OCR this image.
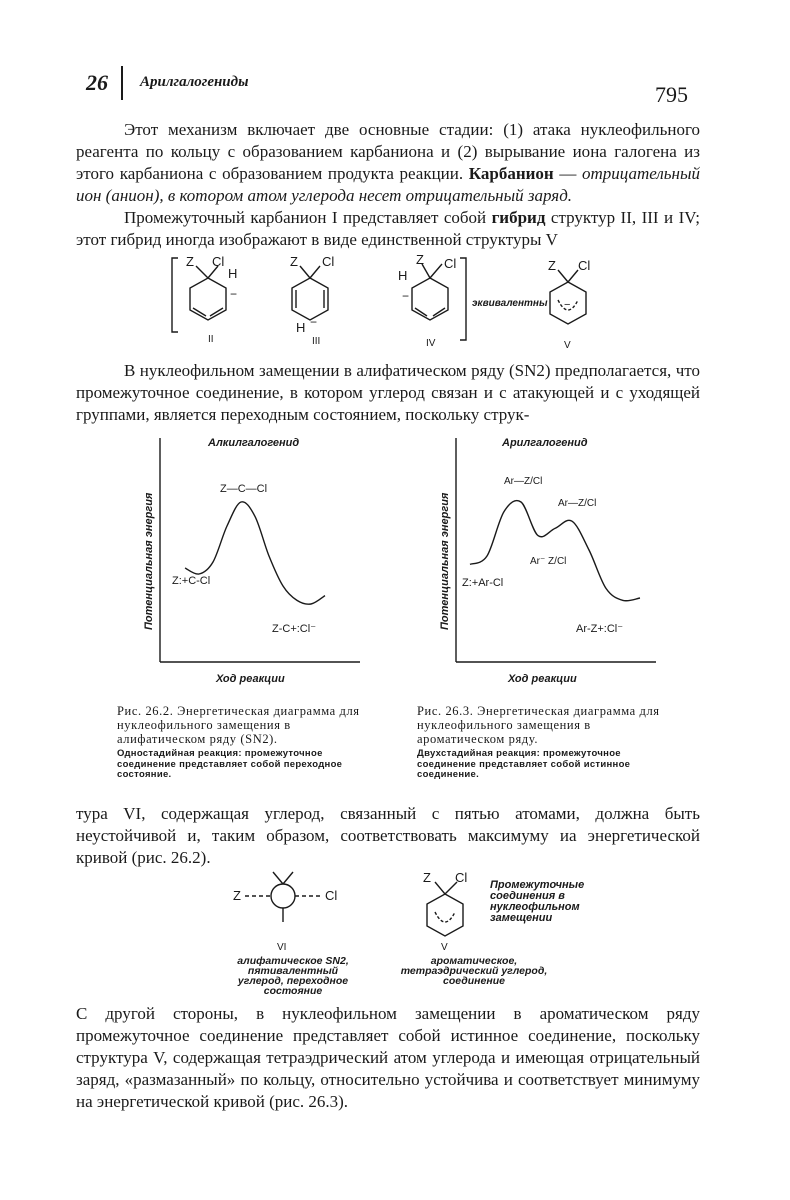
26 Арилгалогениды	795

Этот механизм включает две основные стадии: (1) атака нуклеофильного реагента по кольцу с образованием карбаниона и (2) вырывание иона галогена из этого карбаниона с образованием продукта реакции. Карбанион — отрицательный ион (анион), в котором атом углерода несет отрицательный заряд.

Промежуточный карбанион I представляет собой гибрид структур II, III и IV; этот гибрид иногда изображают в виде единственной структуры V

Z Cl
H
−
II
Z Cl
H −
III
H
Z Cl
−
IV
эквивалентны
Z Cl
−
V

В нуклеофильном замещении в алифатическом ряду (SN2) предполагается, что промежуточное соединение, в котором углерод связан и с атакующей и с уходящей группами, является переходным состоянием, поскольку струк-

Алкилгалогенид
Ход реакции
Потенциальная энергия
Z—C—Cl
Z:+C-Cl
Z-C+:Cl⁻
Арилгалогенид
Ход реакции
Потенциальная энергия
Ar—Z/Cl
Ar—Z/Cl
Ar⁻ Z/Cl
Z:+Ar-Cl
Ar-Z+:Cl⁻
Рис. 26.2. Энергетическая диаграмма для нуклеофильного замещения в алифатическом ряду (SN2).
Одностадийная реакция: промежуточное соединение представляет собой переходное состояние.
Рис. 26.3. Энергетическая диаграмма для нуклеофильного замещения в ароматическом ряду.
Двухстадийная реакция: промежуточное соединение представляет собой истинное соединение.

тура VI, содержащая углерод, связанный с пятью атомами, должна быть неустойчивой и, таким образом, соответствовать максимуму иа энергетической кривой (рис. 26.2).

Z	Cl
VI
Z Cl
V
Промежуточные соединения в нуклеофильном замещении
алифатическое SN2, пятивалентный углерод, переходное состояние
ароматическое, тетраэдрический углерод, соединение

С другой стороны, в нуклеофильном замещении в ароматическом ряду промежуточное соединение представляет собой истинное соединение, поскольку структура V, содержащая тетраэдрический атом углерода и имеющая отрицательный заряд, «размазанный» по кольцу, относительно устойчива и соответствует минимуму на энергетической кривой (рис. 26.3).
